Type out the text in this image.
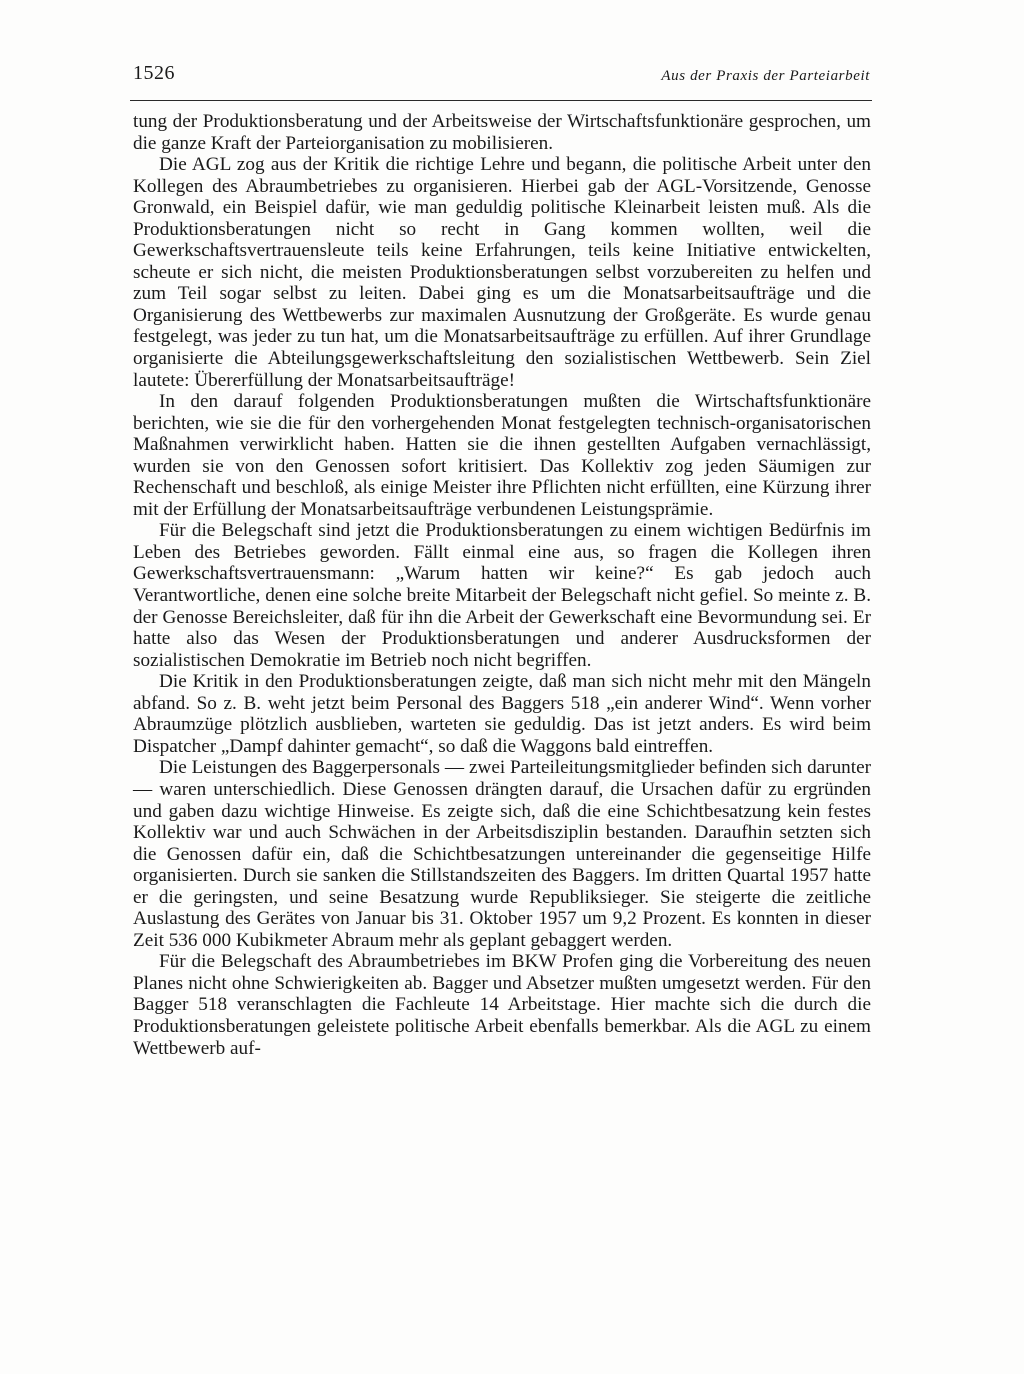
1526	Aus der Praxis der Parteiarbeit

tung der Produktionsberatung und der Arbeitsweise der Wirtschaftsfunktionäre gesprochen, um die ganze Kraft der Parteiorganisation zu mobilisieren.

Die AGL zog aus der Kritik die richtige Lehre und begann, die politische Arbeit unter den Kollegen des Abraumbetriebes zu organisieren. Hierbei gab der AGL-Vorsitzende, Genosse Gronwald, ein Beispiel dafür, wie man geduldig politische Kleinarbeit leisten muß. Als die Produktionsberatungen nicht so recht in Gang kommen wollten, weil die Gewerkschaftsvertrauensleute teils keine Erfahrungen, teils keine Initiative entwickelten, scheute er sich nicht, die meisten Produktionsberatungen selbst vorzubereiten zu helfen und zum Teil sogar selbst zu leiten. Dabei ging es um die Monatsarbeitsaufträge und die Organisierung des Wettbewerbs zur maximalen Ausnutzung der Großgeräte. Es wurde genau festgelegt, was jeder zu tun hat, um die Monatsarbeitsaufträge zu erfüllen. Auf ihrer Grundlage organisierte die Abteilungsgewerkschaftsleitung den sozialistischen Wettbewerb. Sein Ziel lautete: Übererfüllung der Monatsarbeitsaufträge!

In den darauf folgenden Produktionsberatungen mußten die Wirtschaftsfunktionäre berichten, wie sie die für den vorhergehenden Monat festgelegten technisch-organisatorischen Maßnahmen verwirklicht haben. Hatten sie die ihnen gestellten Aufgaben vernachlässigt, wurden sie von den Genossen sofort kritisiert. Das Kollektiv zog jeden Säumigen zur Rechenschaft und beschloß, als einige Meister ihre Pflichten nicht erfüllten, eine Kürzung ihrer mit der Erfüllung der Monatsarbeitsaufträge verbundenen Leistungsprämie.

Für die Belegschaft sind jetzt die Produktionsberatungen zu einem wichtigen Bedürfnis im Leben des Betriebes geworden. Fällt einmal eine aus, so fragen die Kollegen ihren Gewerkschaftsvertrauensmann: „Warum hatten wir keine?“ Es gab jedoch auch Verantwortliche, denen eine solche breite Mitarbeit der Belegschaft nicht gefiel. So meinte z. B. der Genosse Bereichsleiter, daß für ihn die Arbeit der Gewerkschaft eine Bevormundung sei. Er hatte also das Wesen der Produktionsberatungen und anderer Ausdrucksformen der sozialistischen Demokratie im Betrieb noch nicht begriffen.

Die Kritik in den Produktionsberatungen zeigte, daß man sich nicht mehr mit den Mängeln abfand. So z. B. weht jetzt beim Personal des Baggers 518 „ein anderer Wind“. Wenn vorher Abraumzüge plötzlich ausblieben, warteten sie geduldig. Das ist jetzt anders. Es wird beim Dispatcher „Dampf dahinter gemacht“, so daß die Waggons bald eintreffen.

Die Leistungen des Baggerpersonals — zwei Parteileitungsmitglieder befinden sich darunter — waren unterschiedlich. Diese Genossen drängten darauf, die Ursachen dafür zu ergründen und gaben dazu wichtige Hinweise. Es zeigte sich, daß die eine Schichtbesatzung kein festes Kollektiv war und auch Schwächen in der Arbeitsdisziplin bestanden. Daraufhin setzten sich die Genossen dafür ein, daß die Schichtbesatzungen untereinander die gegenseitige Hilfe organisierten. Durch sie sanken die Stillstandszeiten des Baggers. Im dritten Quartal 1957 hatte er die geringsten, und seine Besatzung wurde Republiksieger. Sie steigerte die zeitliche Auslastung des Gerätes von Januar bis 31. Oktober 1957 um 9,2 Prozent. Es konnten in dieser Zeit 536 000 Kubikmeter Abraum mehr als geplant gebaggert werden.

Für die Belegschaft des Abraumbetriebes im BKW Profen ging die Vorbereitung des neuen Planes nicht ohne Schwierigkeiten ab. Bagger und Absetzer mußten umgesetzt werden. Für den Bagger 518 veranschlagten die Fachleute 14 Arbeitstage. Hier machte sich die durch die Produktionsberatungen geleistete politische Arbeit ebenfalls bemerkbar. Als die AGL zu einem Wettbewerb auf-
